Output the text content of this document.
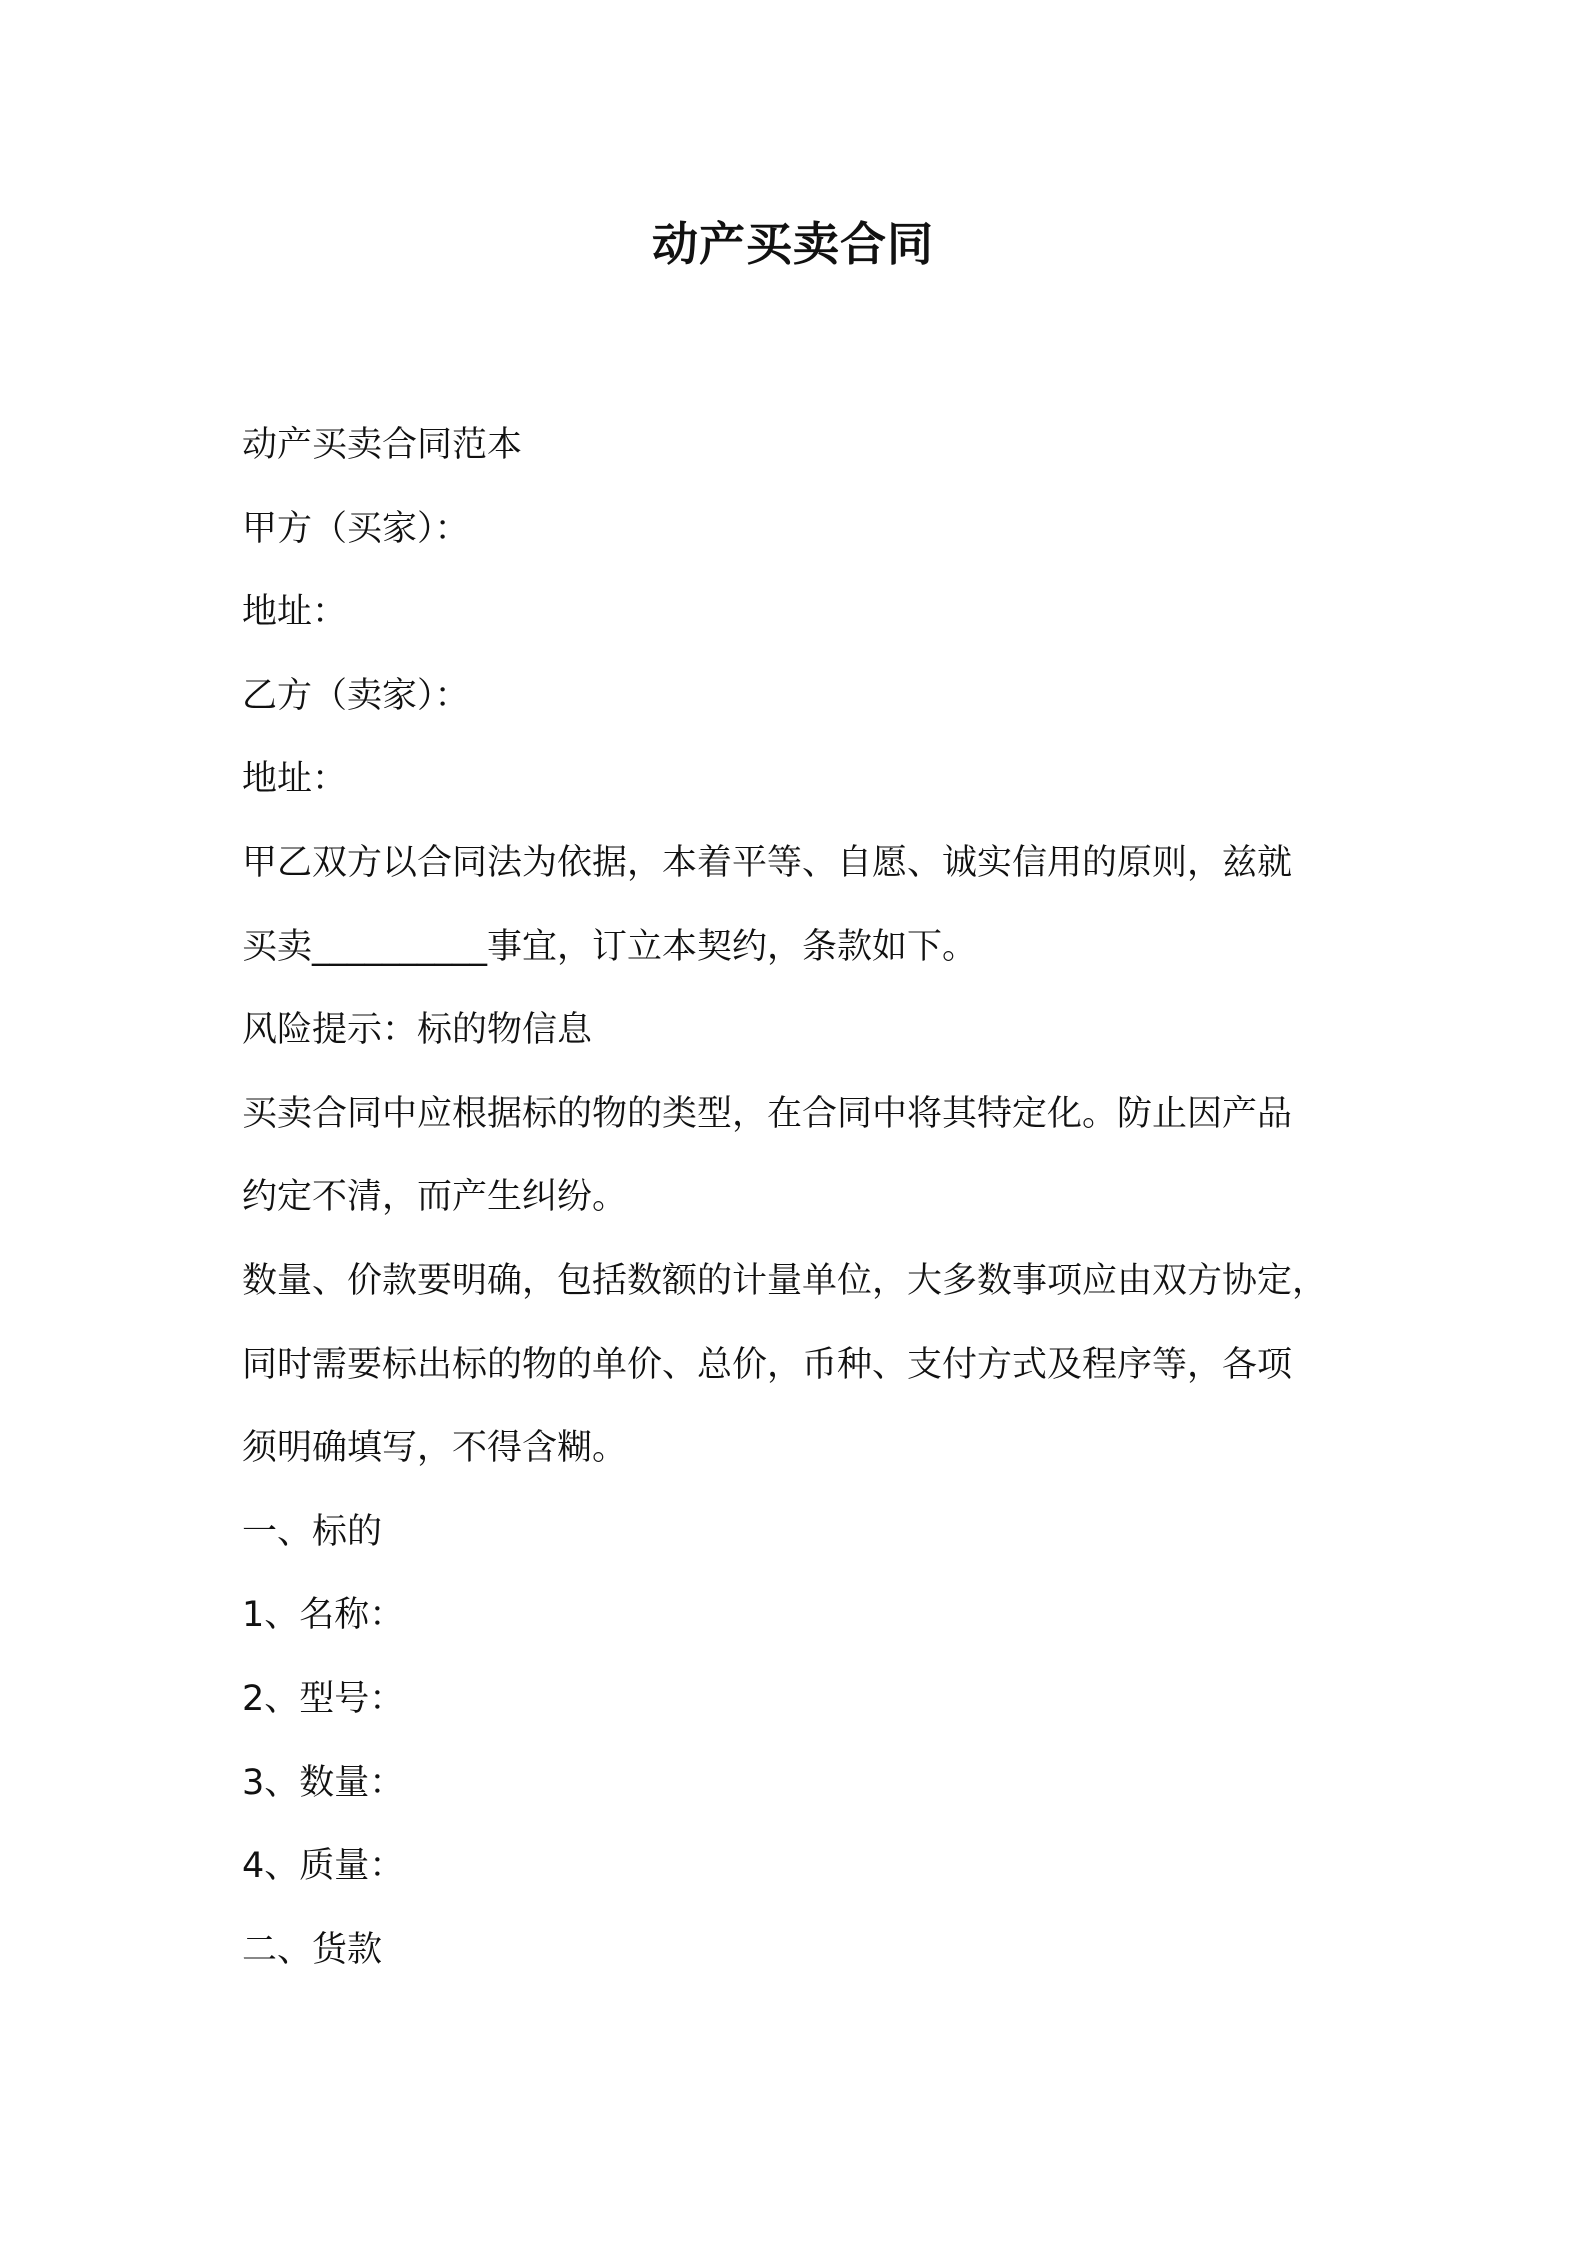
动产买卖合同
动产买卖合同范本
甲方（买家）：
地址：
乙方（卖家）：
地址：
甲乙双方以合同法为依据，本着平等、自愿、诚实信用的原则，兹就
买卖__________事宜，订立本契约，条款如下。
风险提示：标的物信息
买卖合同中应根据标的物的类型，在合同中将其特定化。防止因产品
约定不清，而产生纠纷。
数量、价款要明确，包括数额的计量单位，大多数事项应由双方协定，
同时需要标出标的物的单价、总价，币种、支付方式及程序等，各项
须明确填写，不得含糊。
一、标的
1、名称：
2、型号：
3、数量：
4、质量：
二、货款
